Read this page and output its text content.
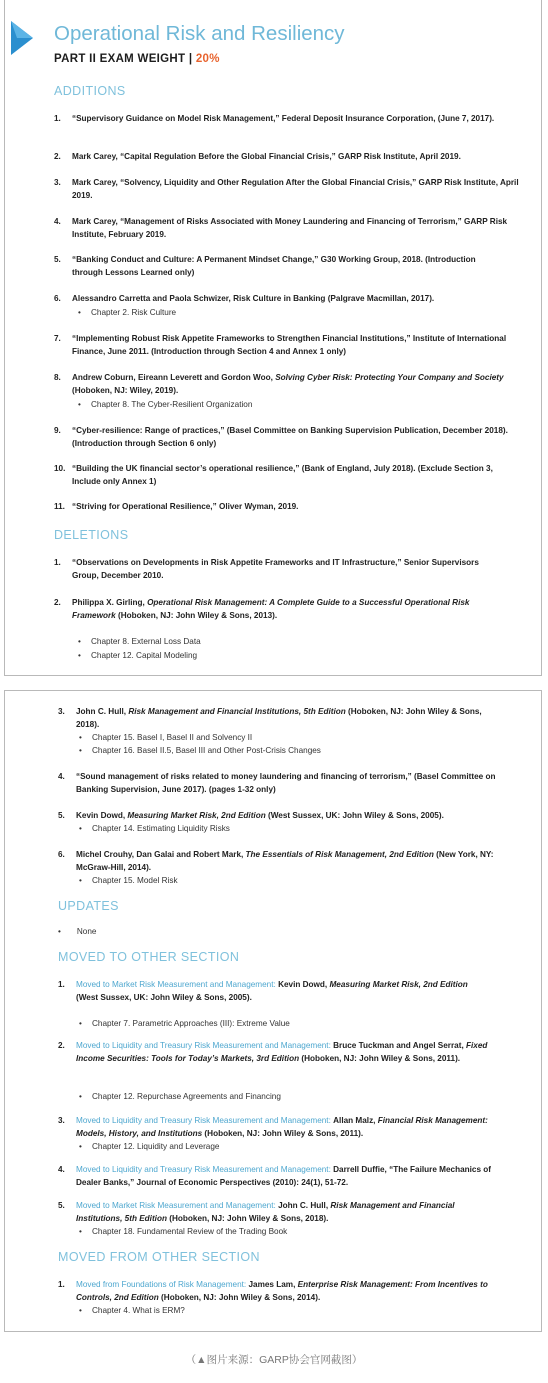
Operational Risk and Resiliency
PART II EXAM WEIGHT | 20%
ADDITIONS
1. “Supervisory Guidance on Model Risk Management,” Federal Deposit Insurance Corporation, (June 7, 2017).
2. Mark Carey, “Capital Regulation Before the Global Financial Crisis,” GARP Risk Institute, April 2019.
3. Mark Carey, “Solvency, Liquidity and Other Regulation After the Global Financial Crisis,” GARP Risk Institute, April 2019.
4. Mark Carey, “Management of Risks Associated with Money Laundering and Financing of Terrorism,” GARP Risk Institute, February 2019.
5. “Banking Conduct and Culture: A Permanent Mindset Change,” G30 Working Group, 2018. (Introduction through Lessons Learned only)
6. Alessandro Carretta and Paola Schwizer, Risk Culture in Banking (Palgrave Macmillan, 2017).
• Chapter 2. Risk Culture
7. “Implementing Robust Risk Appetite Frameworks to Strengthen Financial Institutions,” Institute of International Finance, June 2011. (Introduction through Section 4 and Annex 1 only)
8. Andrew Coburn, Eireann Leverett and Gordon Woo, Solving Cyber Risk: Protecting Your Company and Society (Hoboken, NJ: Wiley, 2019).
• Chapter 8. The Cyber-Resilient Organization
9. “Cyber-resilience: Range of practices,” (Basel Committee on Banking Supervision Publication, December 2018). (Introduction through Section 6 only)
10. “Building the UK financial sector’s operational resilience,” (Bank of England, July 2018). (Exclude Section 3, Include only Annex 1)
11. “Striving for Operational Resilience,” Oliver Wyman, 2019.
DELETIONS
1. “Observations on Developments in Risk Appetite Frameworks and IT Infrastructure,” Senior Supervisors Group, December 2010.
2. Philippa X. Girling, Operational Risk Management: A Complete Guide to a Successful Operational Risk Framework (Hoboken, NJ: John Wiley & Sons, 2013).
• Chapter 8. External Loss Data
• Chapter 12. Capital Modeling
3. John C. Hull, Risk Management and Financial Institutions, 5th Edition (Hoboken, NJ: John Wiley & Sons, 2018).
• Chapter 15. Basel I, Basel II and Solvency II
• Chapter 16. Basel II.5, Basel III and Other Post-Crisis Changes
4. “Sound management of risks related to money laundering and financing of terrorism,” (Basel Committee on Banking Supervision, June 2017). (pages 1-32 only)
5. Kevin Dowd, Measuring Market Risk, 2nd Edition (West Sussex, UK: John Wiley & Sons, 2005).
• Chapter 14. Estimating Liquidity Risks
6. Michel Crouhy, Dan Galai and Robert Mark, The Essentials of Risk Management, 2nd Edition (New York, NY: McGraw-Hill, 2014).
• Chapter 15. Model Risk
UPDATES
• None
MOVED TO OTHER SECTION
1. Moved to Market Risk Measurement and Management: Kevin Dowd, Measuring Market Risk, 2nd Edition (West Sussex, UK: John Wiley & Sons, 2005).
• Chapter 7. Parametric Approaches (III): Extreme Value
2. Moved to Liquidity and Treasury Risk Measurement and Management: Bruce Tuckman and Angel Serrat, Fixed Income Securities: Tools for Today’s Markets, 3rd Edition (Hoboken, NJ: John Wiley & Sons, 2011).
• Chapter 12. Repurchase Agreements and Financing
3. Moved to Liquidity and Treasury Risk Measurement and Management: Allan Malz, Financial Risk Management: Models, History, and Institutions (Hoboken, NJ: John Wiley & Sons, 2011).
• Chapter 12. Liquidity and Leverage
4. Moved to Liquidity and Treasury Risk Measurement and Management: Darrell Duffie, “The Failure Mechanics of Dealer Banks,” Journal of Economic Perspectives (2010): 24(1), 51-72.
5. Moved to Market Risk Measurement and Management: John C. Hull, Risk Management and Financial Institutions, 5th Edition (Hoboken, NJ: John Wiley & Sons, 2018).
• Chapter 18. Fundamental Review of the Trading Book
MOVED FROM OTHER SECTION
1. Moved from Foundations of Risk Management: James Lam, Enterprise Risk Management: From Incentives to Controls, 2nd Edition (Hoboken, NJ: John Wiley & Sons, 2014).
• Chapter 4. What is ERM?
（▲图片来源：GARP协会官网截图）
